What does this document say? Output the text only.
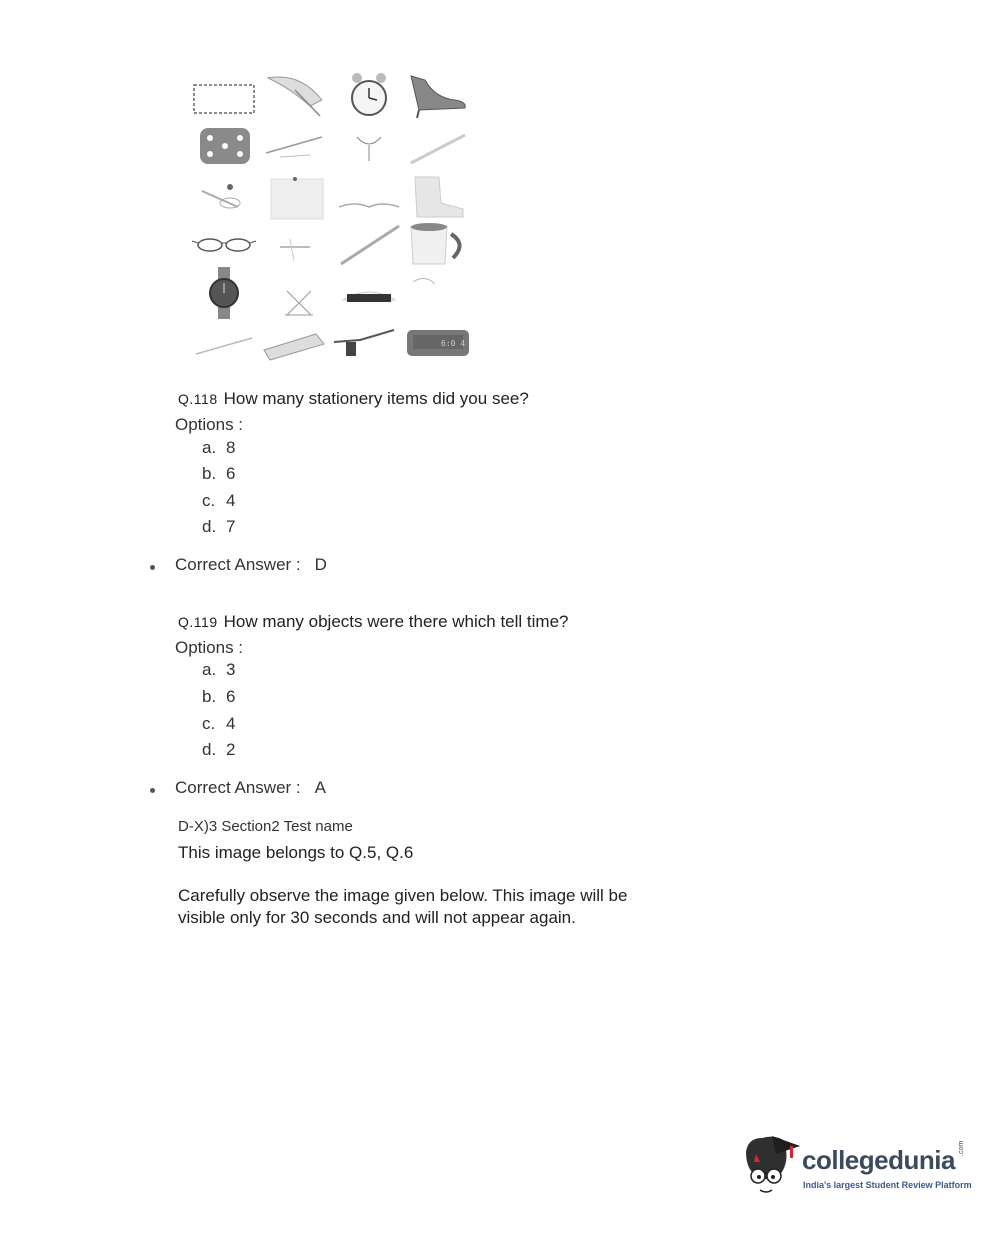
6:0 4
Q.118 How many stationery items did you see?
Options :
a. 8
b. 6
c. 4
d. 7
Correct Answer : D
Q.119 How many objects were there which tell time?
Options :
a. 3
b. 6
c. 4
d. 2
Correct Answer : A
D-X)3 Section2 Test name
This image belongs to Q.5, Q.6
Carefully observe the image given below. This image will be visible only for 30 seconds and will not appear again.
collegedunia .com
India's largest Student Review Platform
